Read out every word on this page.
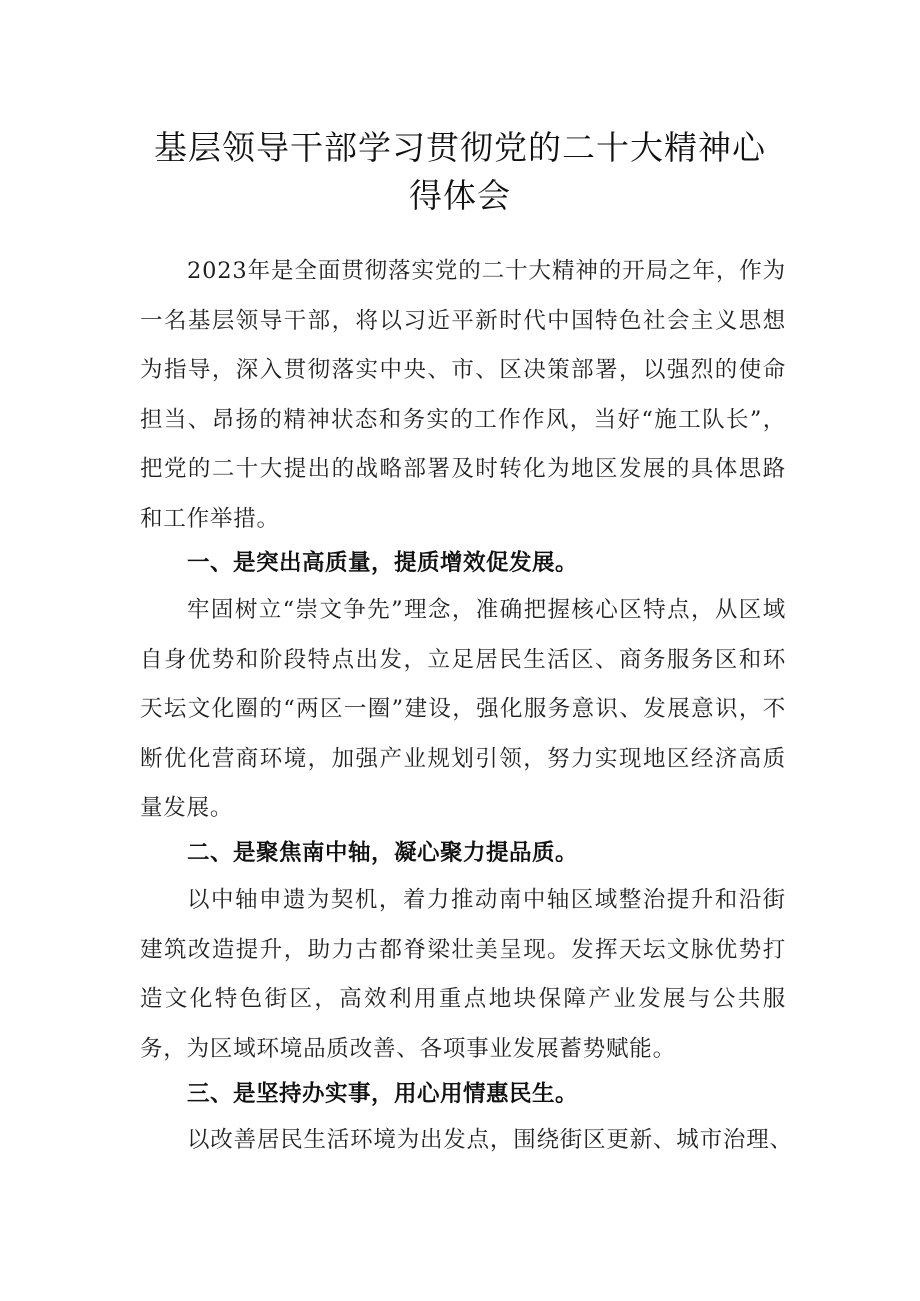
基层领导干部学习贯彻党的二十大精神心
得体会

2023年是全面贯彻落实党的二十大精神的开局之年，作为一名基层领导干部，将以习近平新时代中国特色社会主义思想为指导，深入贯彻落实中央、市、区决策部署，以强烈的使命担当、昂扬的精神状态和务实的工作作风，当好“施工队长”，把党的二十大提出的战略部署及时转化为地区发展的具体思路和工作举措。

一、是突出高质量，提质增效促发展。

牢固树立“崇文争先”理念，准确把握核心区特点，从区域自身优势和阶段特点出发，立足居民生活区、商务服务区和环天坛文化圈的“两区一圈”建设，强化服务意识、发展意识，不断优化营商环境，加强产业规划引领，努力实现地区经济高质量发展。

二、是聚焦南中轴，凝心聚力提品质。

以中轴申遗为契机，着力推动南中轴区域整治提升和沿街建筑改造提升，助力古都脊梁壮美呈现。发挥天坛文脉优势打造文化特色街区，高效利用重点地块保障产业发展与公共服务，为区域环境品质改善、各项事业发展蓄势赋能。

三、是坚持办实事，用心用情惠民生。

以改善居民生活环境为出发点，围绕街区更新、城市治理、
